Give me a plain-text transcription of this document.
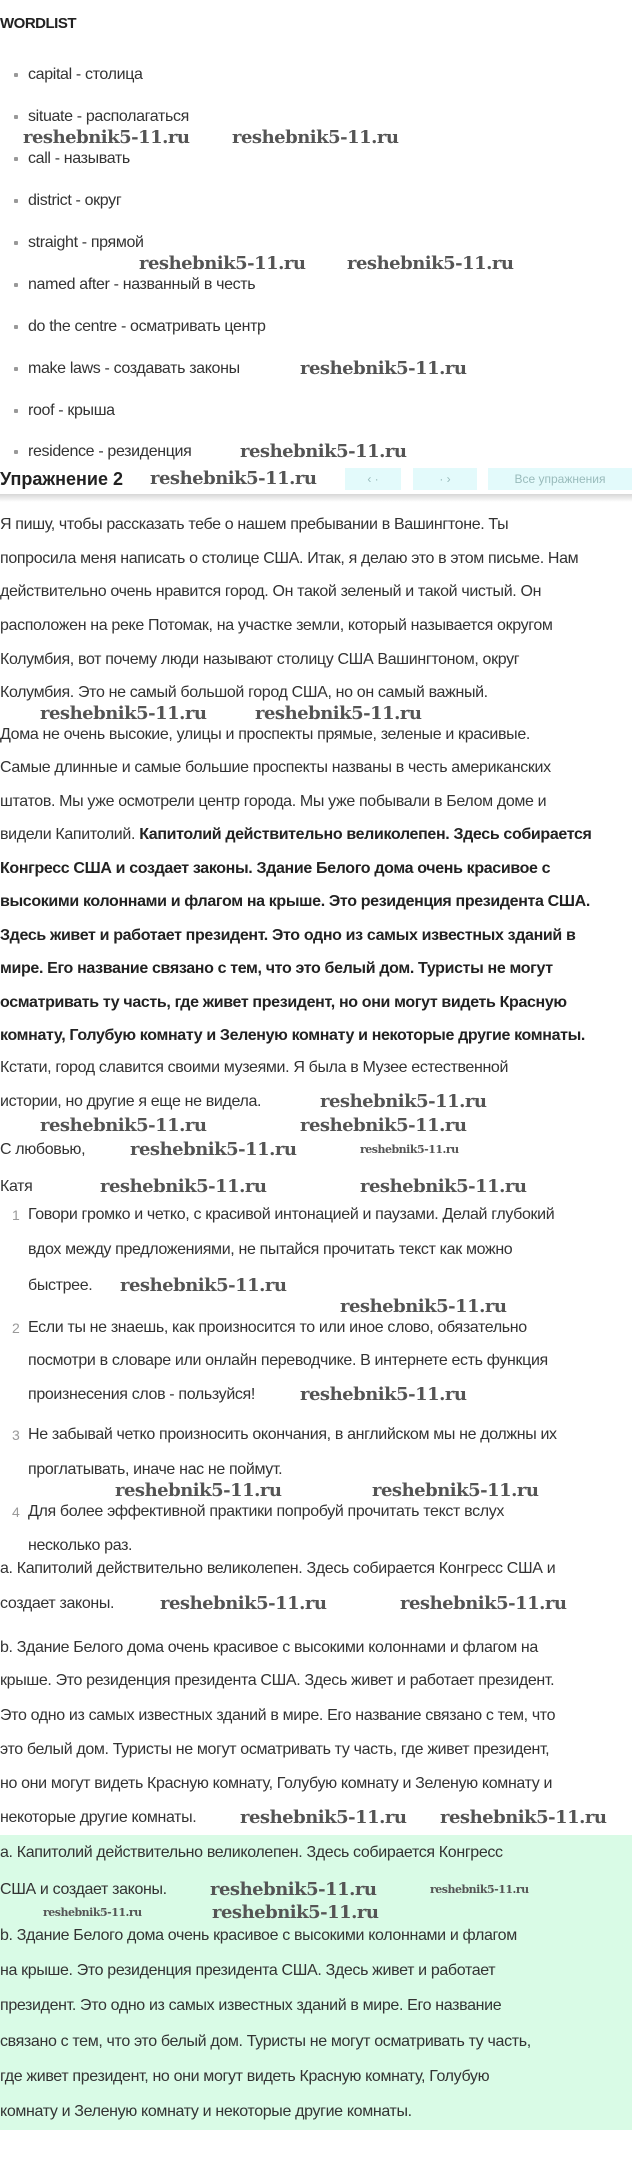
WORDLIST
Упражнение 2	‹ ·	· ›	Все упражнения
reshebnik5-11.ru
capital - столица
situate - располагаться
call - называть
district - округ
straight - прямой
named after - названный в честь
do the centre - осматривать центр
make laws - создавать законы
roof - крыша
residence - резиденция
Я пишу, чтобы рассказать тебе о нашем пребывании в Вашингтоне. Ты
попросила меня написать о столице США. Итак, я делаю это в этом письме. Нам
действительно очень нравится город. Он такой зеленый и такой чистый. Он
расположен на реке Потомак, на участке земли, который называется округом
Колумбия, вот почему люди называют столицу США Вашингтоном, округ
Колумбия. Это не самый большой город США, но он самый важный.
Дома не очень высокие, улицы и проспекты прямые, зеленые и красивые.
Самые длинные и самые большие проспекты названы в честь американских
штатов. Мы уже осмотрели центр города. Мы уже побывали в Белом доме и
видели Капитолий. Капитолий действительно великолепен. Здесь собирается
Конгресс США и создает законы. Здание Белого дома очень красивое с
высокими колоннами и флагом на крыше. Это резиденция президента США.
Здесь живет и работает президент. Это одно из самых известных зданий в
мире. Его название связано с тем, что это белый дом. Туристы не могут
осматривать ту часть, где живет президент, но они могут видеть Красную
комнату, Голубую комнату и Зеленую комнату и некоторые другие комнаты.
Кстати, город славится своими музеями. Я была в Музее естественной
истории, но другие я еще не видела.
С любовью,
Катя
1 Говори громко и четко, с красивой интонацией и паузами. Делай глубокий
вдох между предложениями, не пытайся прочитать текст как можно
быстрее.
2 Если ты не знаешь, как произносится то или иное слово, обязательно
посмотри в словаре или онлайн переводчике. В интернете есть функция
произнесения слов - пользуйся!
3 Не забывай четко произносить окончания, в английском мы не должны их
проглатывать, иначе нас не поймут.
4 Для более эффективной практики попробуй прочитать текст вслух
несколько раз.
a. Капитолий действительно великолепен. Здесь собирается Конгресс США и
создает законы.
b. Здание Белого дома очень красивое с высокими колоннами и флагом на
крыше. Это резиденция президента США. Здесь живет и работает президент.
Это одно из самых известных зданий в мире. Его название связано с тем, что
это белый дом. Туристы не могут осматривать ту часть, где живет президент,
но они могут видеть Красную комнату, Голубую комнату и Зеленую комнату и
некоторые другие комнаты.
a. Капитолий действительно великолепен. Здесь собирается Конгресс
США и создает законы.
b. Здание Белого дома очень красивое с высокими колоннами и флагом
на крыше. Это резиденция президента США. Здесь живет и работает
президент. Это одно из самых известных зданий в мире. Его название
связано с тем, что это белый дом. Туристы не могут осматривать ту часть,
где живет президент, но они могут видеть Красную комнату, Голубую
комнату и Зеленую комнату и некоторые другие комнаты.
reshebnik5-11.ru reshebnik5-11.ru
reshebnik5-11.ru reshebnik5-11.ru
reshebnik5-11.ru
reshebnik5-11.ru
reshebnik5-11.ru	reshebnik5-11.ru
reshebnik5-11.ru
reshebnik5-11.ru	reshebnik5-11.ru
reshebnik5-11.ru	reshebnik5-11.ru
reshebnik5-11.ru	reshebnik5-11.ru
reshebnik5-11.ru
reshebnik5-11.ru
reshebnik5-11.ru
reshebnik5-11.ru	reshebnik5-11.ru
reshebnik5-11.ru	reshebnik5-11.ru
reshebnik5-11.ru reshebnik5-11.ru
reshebnik5-11.ru	reshebnik5-11.ru
reshebnik5-11.ru	reshebnik5-11.ru
